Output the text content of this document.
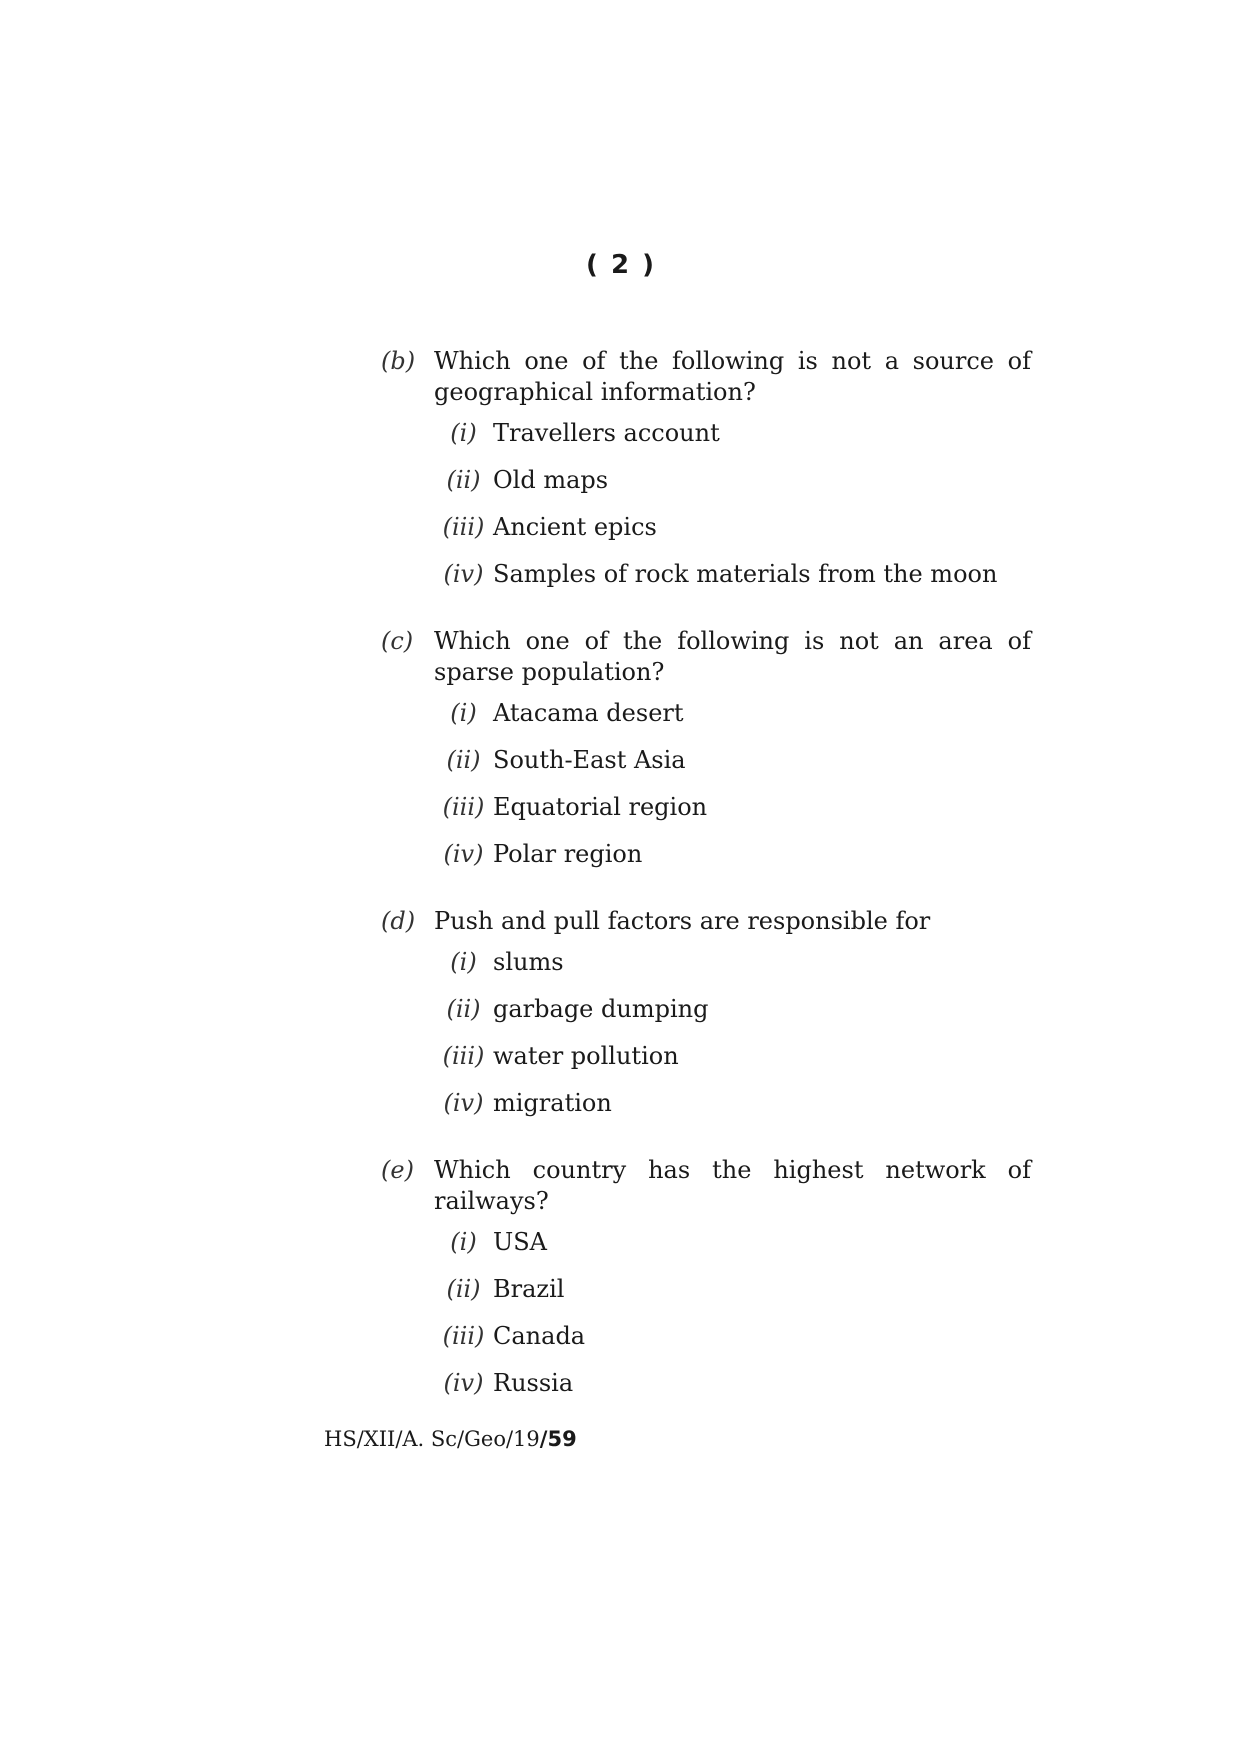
( 2 )
(b) Which one of the following is not a source of geographical information?
(i) Travellers account
(ii) Old maps
(iii) Ancient epics
(iv) Samples of rock materials from the moon
(c) Which one of the following is not an area of sparse population?
(i) Atacama desert
(ii) South-East Asia
(iii) Equatorial region
(iv) Polar region
(d) Push and pull factors are responsible for
(i) slums
(ii) garbage dumping
(iii) water pollution
(iv) migration
(e) Which country has the highest network of railways?
(i) USA
(ii) Brazil
(iii) Canada
(iv) Russia
HS/XII/A. Sc/Geo/19/59
